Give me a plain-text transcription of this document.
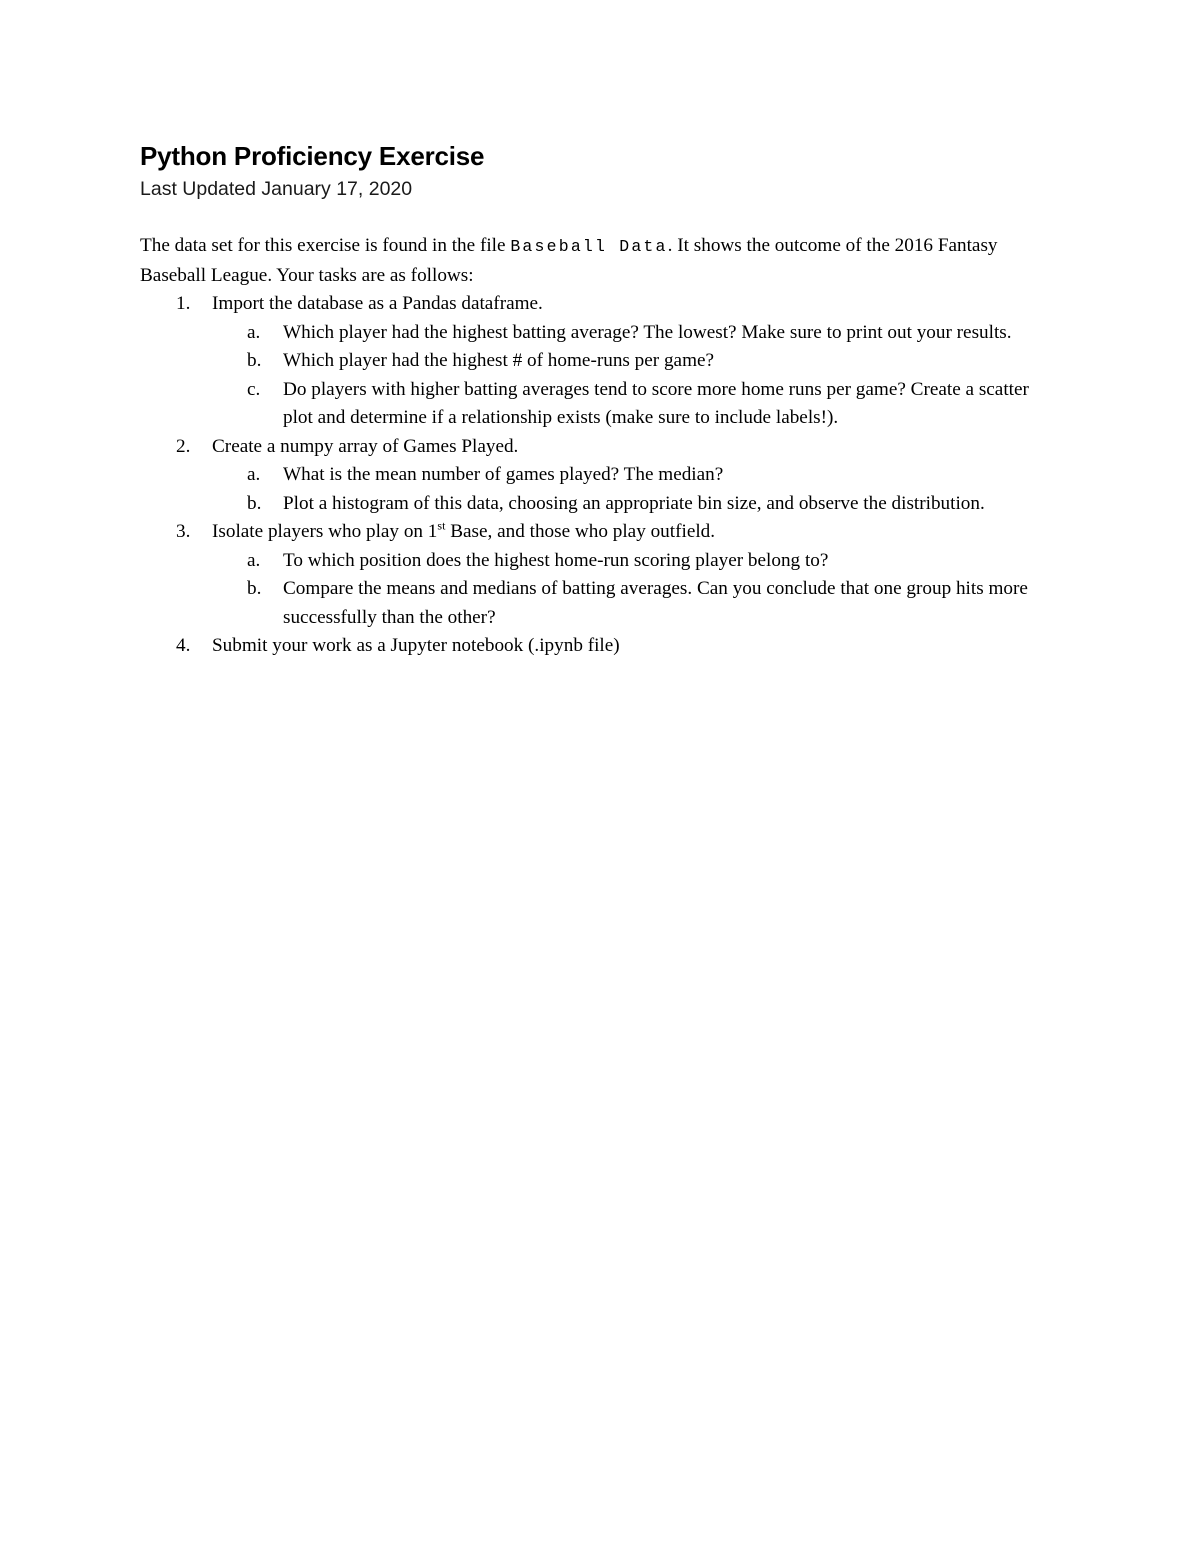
Python Proficiency Exercise

Last Updated January 17, 2020

The data set for this exercise is found in the file Baseball Data. It shows the outcome of the 2016 Fantasy Baseball League. Your tasks are as follows:
1. Import the database as a Pandas dataframe.
a. Which player had the highest batting average? The lowest? Make sure to print out your results.
b. Which player had the highest # of home-runs per game?
c. Do players with higher batting averages tend to score more home runs per game? Create a scatter plot and determine if a relationship exists (make sure to include labels!).
2. Create a numpy array of Games Played.
a. What is the mean number of games played? The median?
b. Plot a histogram of this data, choosing an appropriate bin size, and observe the distribution.
3. Isolate players who play on 1st Base, and those who play outfield.
a. To which position does the highest home-run scoring player belong to?
b. Compare the means and medians of batting averages. Can you conclude that one group hits more successfully than the other?
4. Submit your work as a Jupyter notebook (.ipynb file)
